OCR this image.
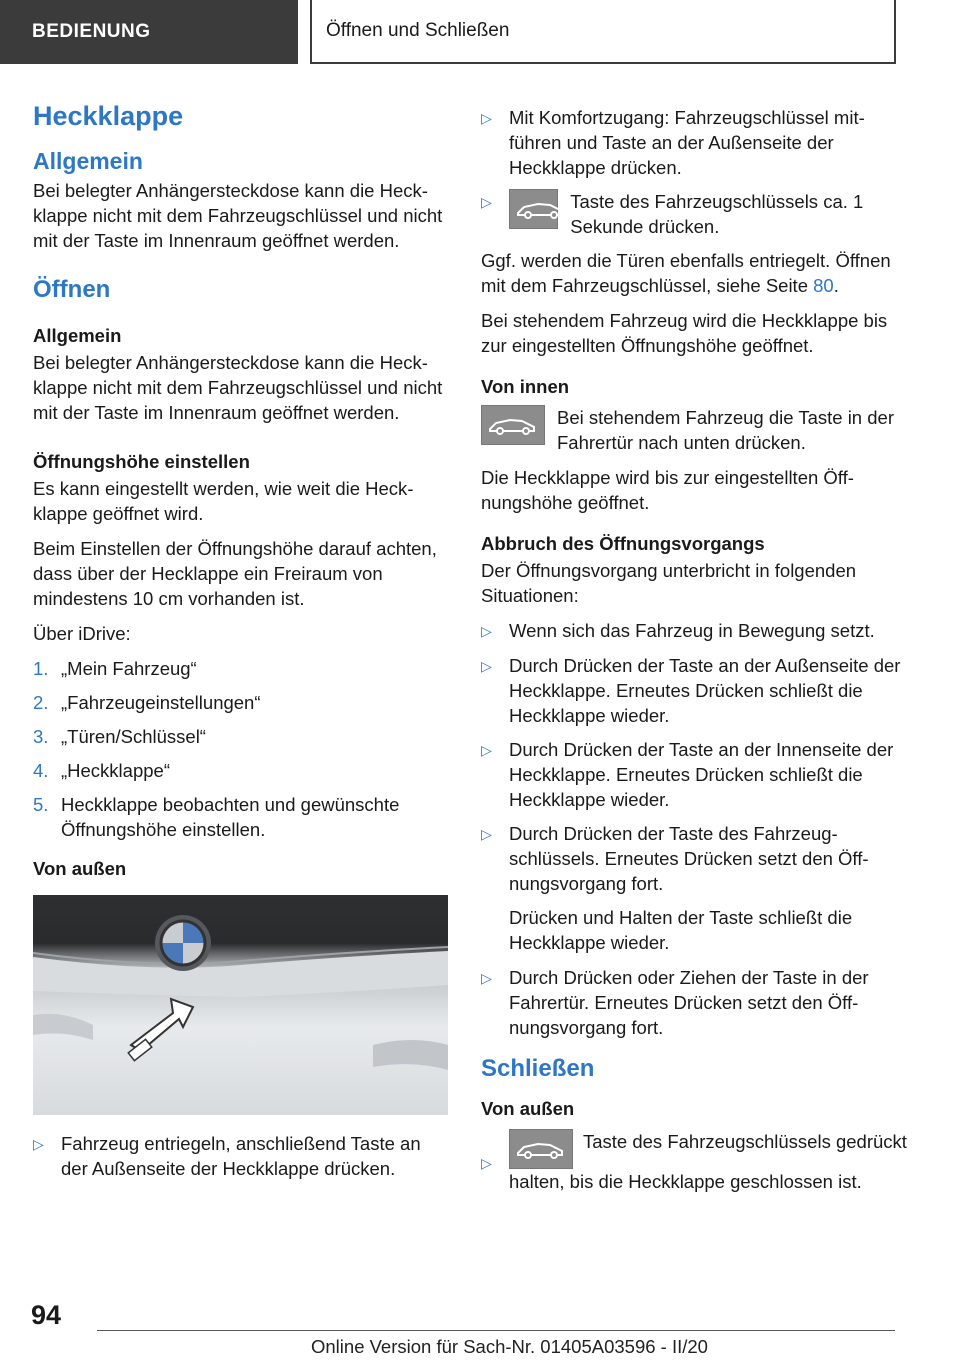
BEDIENUNG	Öffnen und Schließen
Heckklappe
Allgemein

Bei belegter Anhängersteckdose kann die Heckklappe nicht mit dem Fahrzeugschlüssel und nicht mit der Taste im Innenraum geöffnet werden.

Öffnen
Allgemein

Bei belegter Anhängersteckdose kann die Heckklappe nicht mit dem Fahrzeugschlüssel und nicht mit der Taste im Innenraum geöffnet werden.

Öffnungshöhe einstellen

Es kann eingestellt werden, wie weit die Heckklappe geöffnet wird.

Beim Einstellen der Öffnungshöhe darauf achten, dass über der Hecklappe ein Freiraum von mindestens 10 cm vorhanden ist.

Über iDrive:

1. „Mein Fahrzeug“
2. „Fahrzeugeinstellungen“
3. „Türen/Schlüssel“
4. „Heckklappe“
5. Heckklappe beobachten und gewünschte Öffnungshöhe einstellen.
Von außen
▷ Fahrzeug entriegeln, anschließend Taste an der Außenseite der Heckklappe drücken.
▷ Mit Komfortzugang: Fahrzeugschlüssel mitführen und Taste an der Außenseite der Heckklappe drücken.
▷	Taste des Fahrzeugschlüssels ca. 1 Sekunde drücken.

Ggf. werden die Türen ebenfalls entriegelt. Öffnen mit dem Fahrzeugschlüssel, siehe Seite 80.

Bei stehendem Fahrzeug wird die Heckklappe bis zur eingestellten Öffnungshöhe geöffnet.

Von innen
Bei stehendem Fahrzeug die Taste in der Fahrertür nach unten drücken.

Die Heckklappe wird bis zur eingestellten Öffnungshöhe geöffnet.

Abbruch des Öffnungsvorgangs

Der Öffnungsvorgang unterbricht in folgenden Situationen:

▷ Wenn sich das Fahrzeug in Bewegung setzt.
▷ Durch Drücken der Taste an der Außenseite der Heckklappe. Erneutes Drücken schließt die Heckklappe wieder.
▷ Durch Drücken der Taste an der Innenseite der Heckklappe. Erneutes Drücken schließt die Heckklappe wieder.
▷ Durch Drücken der Taste des Fahrzeugschlüssels. Erneutes Drücken setzt den Öffnungsvorgang fort.

Drücken und Halten der Taste schließt die Heckklappe wieder.

▷ Durch Drücken oder Ziehen der Taste in der Fahrertür. Erneutes Drücken setzt den Öffnungsvorgang fort.
Schließen
Von außen
▷
Taste des Fahrzeugschlüssels gedrückt halten, bis die Heckklappe geschlossen ist.
94
Online Version für Sach-Nr. 01405A03596 - II/20
